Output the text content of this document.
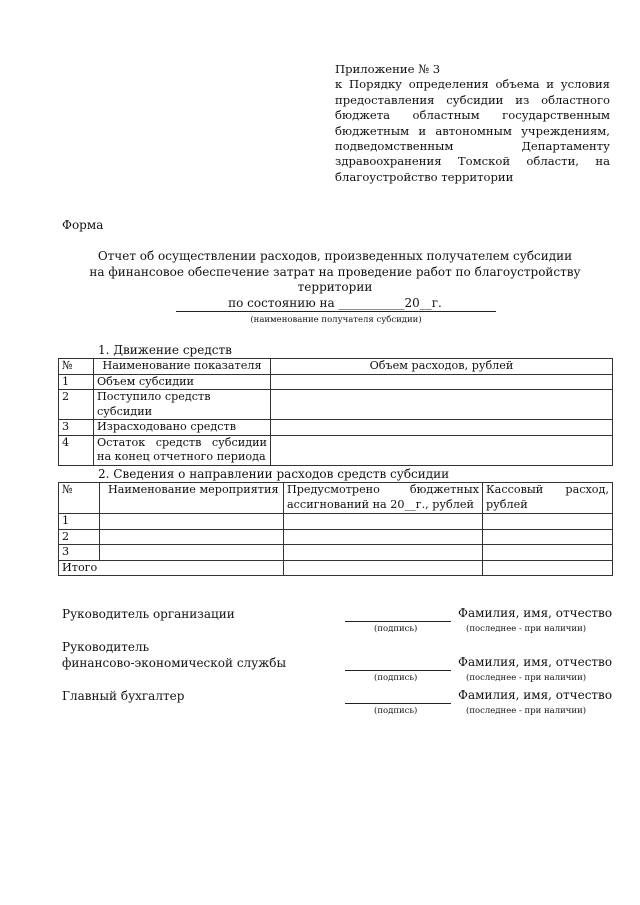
Приложение № 3
к Порядку определения объема и условия предоставления субсидии из областного бюджета областным государственным бюджетным и автономным учреждениям, подведомственным Департаменту здравоохранения Томской области, на благоустройство территории
Форма
Отчет об осуществлении расходов, произведенных получателем субсидии
на финансовое обеспечение затрат на проведение работ по благоустройству территории
по состоянию на ___________20__г.
(наименование получателя субсидии)
1. Движение средств
№	Наименование показателя	Объем расходов, рублей
1	Объем субсидии	
2	Поступило средств субсидии	
3	Израсходовано средств	
4	Остаток средств субсидии на конец отчетного периода	
2. Сведения о направлении расходов средств субсидии
№	Наименование мероприятия	Предусмотрено бюджетных ассигнований на 20__г., рублей	Кассовый расход, рублей
1			
2			
3			
Итого			
Руководитель организации	Фамилия, имя, отчество
(подпись)	(последнее - при наличии)
Руководитель
финансово-экономической службы	Фамилия, имя, отчество
(подпись)	(последнее - при наличии)
Главный бухгалтер	Фамилия, имя, отчество
(подпись)	(последнее - при наличии)
